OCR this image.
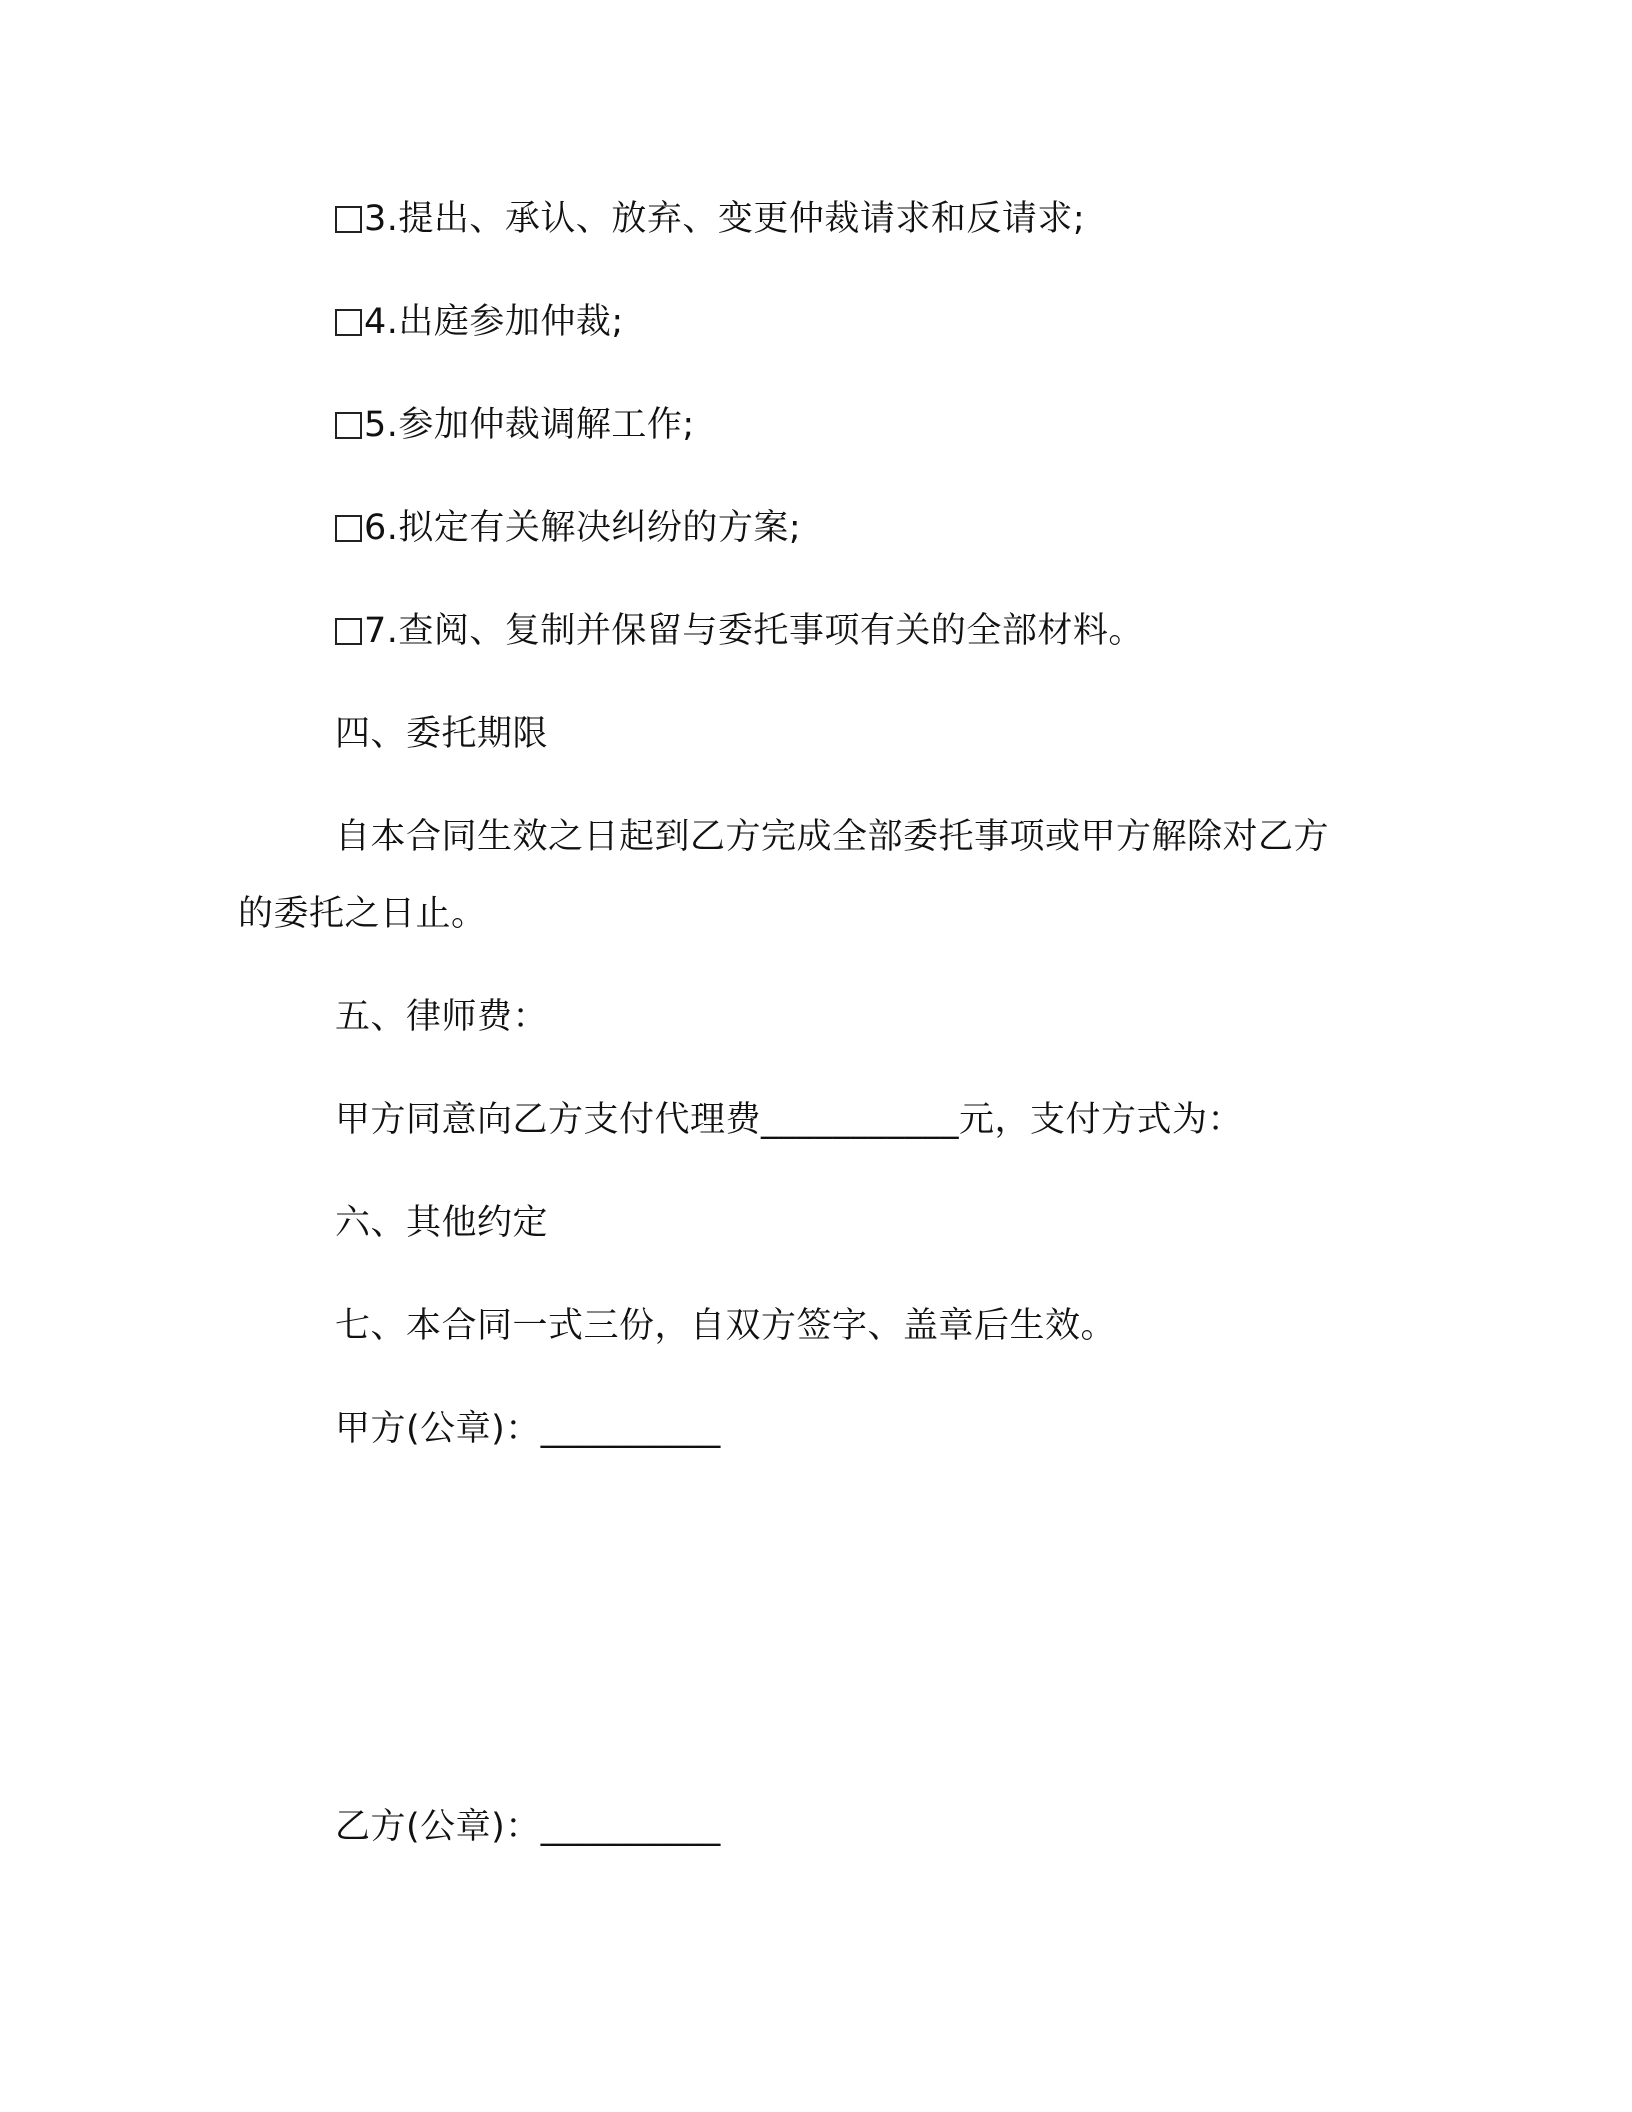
3.提出、承认、放弃、变更仲裁请求和反请求;
4.出庭参加仲裁;
5.参加仲裁调解工作;
6.拟定有关解决纠纷的方案;
7.查阅、复制并保留与委托事项有关的全部材料。
四、委托期限
自本合同生效之日起到乙方完成全部委托事项或甲方解除对乙方
的委托之日止。
五、律师费：
甲方同意向乙方支付代理费___________元，支付方式为：
六、其他约定
七、本合同一式三份，自双方签字、盖章后生效。
甲方(公章)：__________
乙方(公章)：__________
